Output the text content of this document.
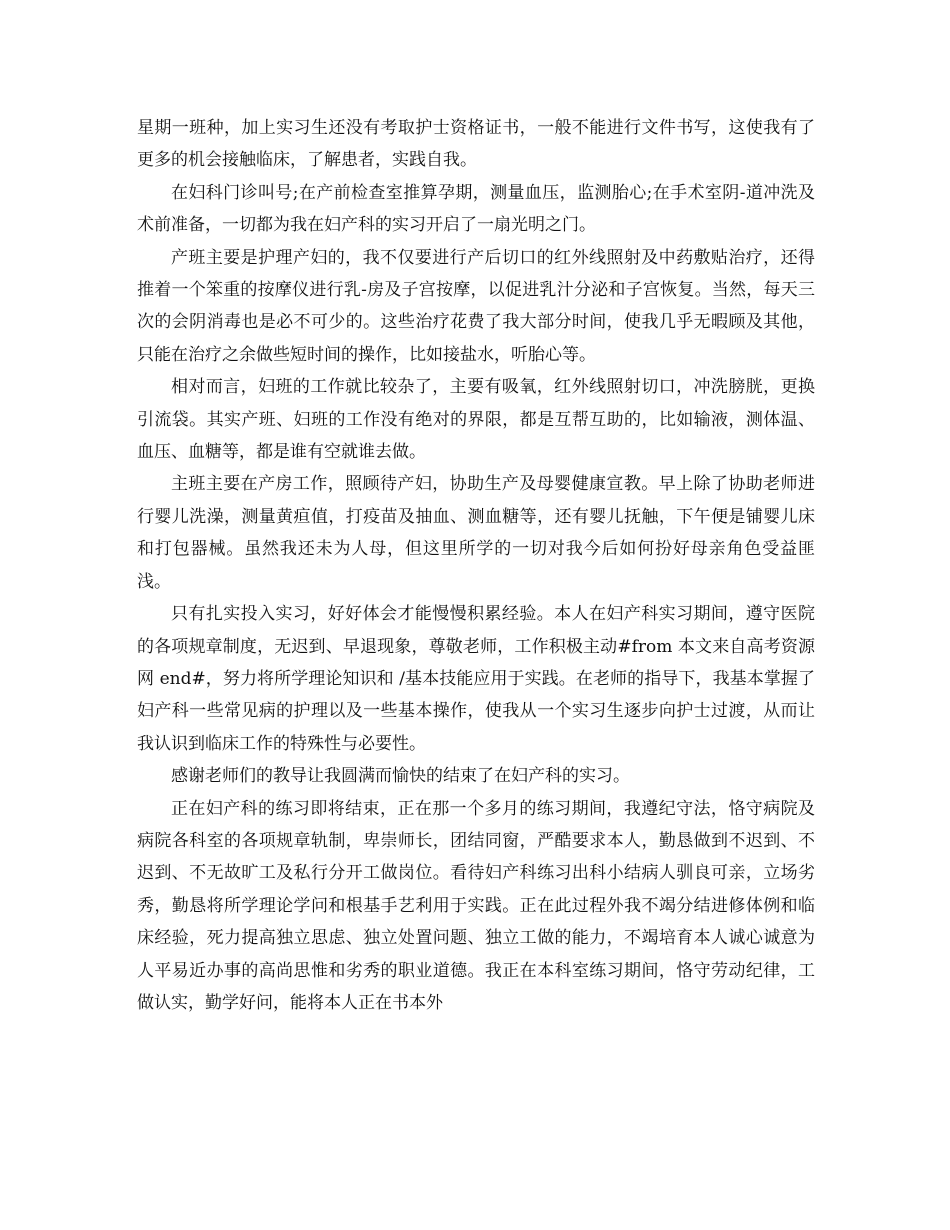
星期一班种，加上实习生还没有考取护士资格证书，一般不能进行文件书写，这使我有了更多的机会接触临床，了解患者，实践自我。

在妇科门诊叫号;在产前检查室推算孕期，测量血压，监测胎心;在手术室阴-道冲洗及术前准备，一切都为我在妇产科的实习开启了一扇光明之门。

产班主要是护理产妇的，我不仅要进行产后切口的红外线照射及中药敷贴治疗，还得推着一个笨重的按摩仪进行乳-房及子宫按摩，以促进乳汁分泌和子宫恢复。当然，每天三次的会阴消毒也是必不可少的。这些治疗花费了我大部分时间，使我几乎无暇顾及其他，只能在治疗之余做些短时间的操作，比如接盐水，听胎心等。

相对而言，妇班的工作就比较杂了，主要有吸氧，红外线照射切口，冲洗膀胱，更换引流袋。其实产班、妇班的工作没有绝对的界限，都是互帮互助的，比如输液，测体温、血压、血糖等，都是谁有空就谁去做。

主班主要在产房工作，照顾待产妇，协助生产及母婴健康宣教。早上除了协助老师进行婴儿洗澡，测量黄疸值，打疫苗及抽血、测血糖等，还有婴儿抚触，下午便是铺婴儿床和打包器械。虽然我还未为人母，但这里所学的一切对我今后如何扮好母亲角色受益匪浅。

只有扎实投入实习，好好体会才能慢慢积累经验。本人在妇产科实习期间，遵守医院的各项规章制度，无迟到、早退现象，尊敬老师，工作积极主动#from 本文来自高考资源网 end#，努力将所学理论知识和 /基本技能应用于实践。在老师的指导下，我基本掌握了妇产科一些常见病的护理以及一些基本操作，使我从一个实习生逐步向护士过渡，从而让我认识到临床工作的特殊性与必要性。

感谢老师们的教导让我圆满而愉快的结束了在妇产科的实习。

正在妇产科的练习即将结束，正在那一个多月的练习期间，我遵纪守法，恪守病院及病院各科室的各项规章轨制，卑崇师长，团结同窗，严酷要求本人，勤恳做到不迟到、不迟到、不无故旷工及私行分开工做岗位。看待妇产科练习出科小结病人驯良可亲，立场劣秀，勤恳将所学理论学问和根基手艺利用于实践。正在此过程外我不竭分结进修体例和临床经验，死力提高独立思虑、独立处置问题、独立工做的能力，不竭培育本人诚心诚意为人平易近办事的高尚思惟和劣秀的职业道德。我正在本科室练习期间，恪守劳动纪律，工做认实，勤学好问，能将本人正在书本外
